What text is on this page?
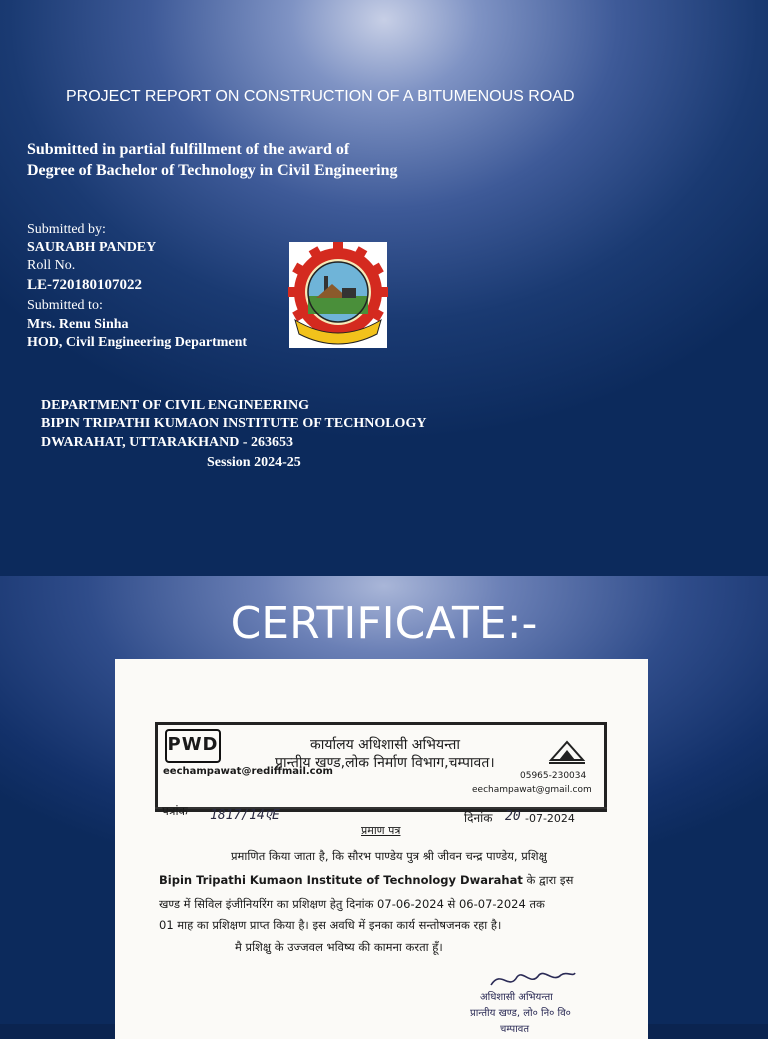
PROJECT REPORT ON CONSTRUCTION OF A BITUMENOUS ROAD
Submitted in partial fulfillment of the award of
Degree of Bachelor of Technology in Civil Engineering
Submitted by:
SAURABH PANDEY
Roll No.
LE-720180107022
Submitted to:
Mrs. Renu Sinha
HOD, Civil Engineering Department
DEPARTMENT OF CIVIL ENGINEERING
BIPIN TRIPATHI KUMAON INSTITUTE OF TECHNOLOGY
DWARAHAT, UTTARAKHAND - 263653
Session 2024-25
CERTIFICATE:-
PWD	कार्यालय अधिशासी अभियन्ता
प्रान्तीय खण्ड,लोक निर्माण विभाग,चम्पावत।
eechampawat@rediffmail.com	05965-230034
eechampawat@gmail.com
पत्रांक 1817/14एE	दिनांक 20 -07-2024
प्रमाण पत्र
प्रमाणित किया जाता है, कि सौरभ पाण्डेय पुत्र श्री जीवन चन्द्र पाण्डेय, प्रशिक्षु
Bipin Tripathi Kumaon Institute of Technology Dwarahat के द्वारा इस
खण्ड में सिविल इंजीनियरिंग का प्रशिक्षण हेतु दिनांक 07-06-2024 से 06-07-2024 तक
01 माह का प्रशिक्षण प्राप्त किया है। इस अवधि में इनका कार्य सन्तोषजनक रहा है।
मै प्रशिक्षु के उज्जवल भविष्य की कामना करता हूँ।
अधिशासी अभियन्ता
प्रान्तीय खण्ड, लो० नि० वि०
चम्पावत
